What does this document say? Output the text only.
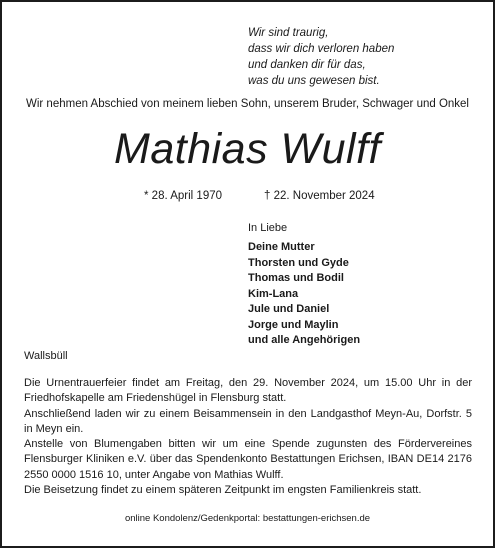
Wir sind traurig,
dass wir dich verloren haben
und danken dir für das,
was du uns gewesen bist.
Wir nehmen Abschied von meinem lieben Sohn, unserem Bruder, Schwager und Onkel
Mathias Wulff
* 28. April 1970	† 22. November 2024
In Liebe
Deine Mutter
Thorsten und Gyde
Thomas und Bodil
Kim-Lana
Jule und Daniel
Jorge und Maylin
und alle Angehörigen
Wallsbüll

Die Urnentrauerfeier findet am Freitag, den 29. November 2024, um 15.00 Uhr in der Friedhofskapelle am Friedenshügel in Flensburg statt.

Anschließend laden wir zu einem Beisammensein in den Landgasthof Meyn-Au, Dorfstr. 5 in Meyn ein.

Anstelle von Blumengaben bitten wir um eine Spende zugunsten des Fördervereines Flensburger Kliniken e.V. über das Spendenkonto Bestattungen Erichsen, IBAN DE14 2176 2550 0000 1516 10, unter Angabe von Mathias Wulff.

Die Beisetzung findet zu einem späteren Zeitpunkt im engsten Familienkreis statt.

online Kondolenz/Gedenkportal: bestattungen-erichsen.de
